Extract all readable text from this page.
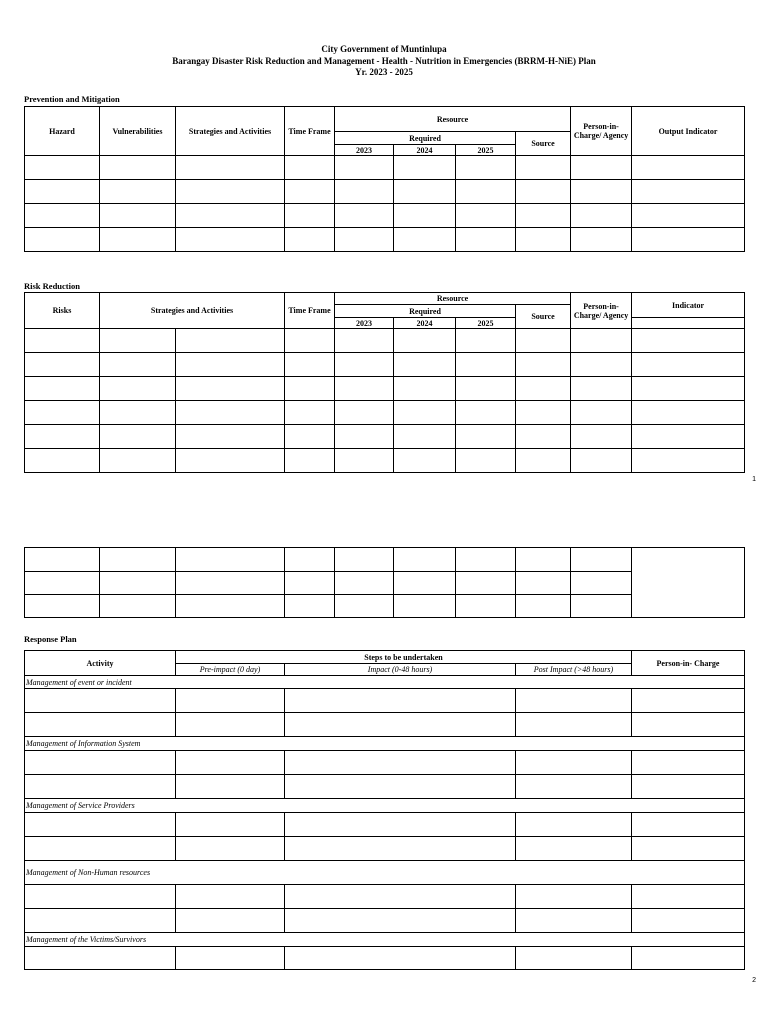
City Government of Muntinlupa
Barangay Disaster Risk Reduction and Management - Health - Nutrition in Emergencies (BRRM-H-NiE) Plan
Yr. 2023 - 2025
Prevention and Mitigation
Hazard	Vulnerabilities	Strategies and Activities	Time Frame	Resource				Person-in-Charge/ Agency	Output Indicator
				Required			Source		
				2023	2024	2025			

Risk Reduction
Risks	Strategies and Activities		Time Frame	Resource				Person-in-Charge/ Agency	Indicator
				Required			Source		
				2023	2024	2025			

1

Response Plan
Activity	Steps to be undertaken			Person-in- Charge
	Pre-impact (0 day)	Impact (0-48 hours)	Post Impact (>48 hours)	
Management of event or incident				

Management of Information System				

Management of Service Providers				

Management of Non-Human resources				

Management of the Victims/Survivors				

2
